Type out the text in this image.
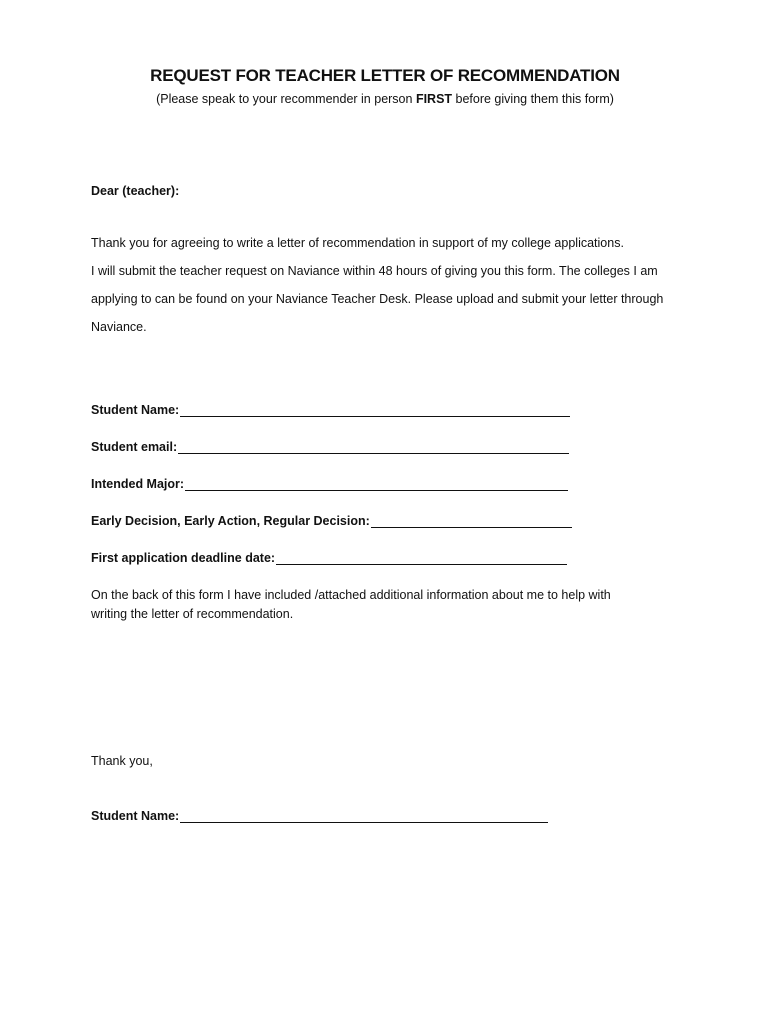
REQUEST FOR TEACHER LETTER OF RECOMMENDATION
(Please speak to your recommender in person FIRST before giving them this form)
Dear (teacher):
Thank you for agreeing to write a letter of recommendation in support of my college applications.
I will submit the teacher request on Naviance within 48 hours of giving you this form. The colleges I am
applying to can be found on your Naviance Teacher Desk. Please upload and submit your letter through
Naviance.
Student Name:
Student email:
Intended Major:
Early Decision, Early Action, Regular Decision:
First application deadline date:
On the back of this form I have included /attached additional information about me to help with
writing the letter of recommendation.
Thank you,
Student Name:
